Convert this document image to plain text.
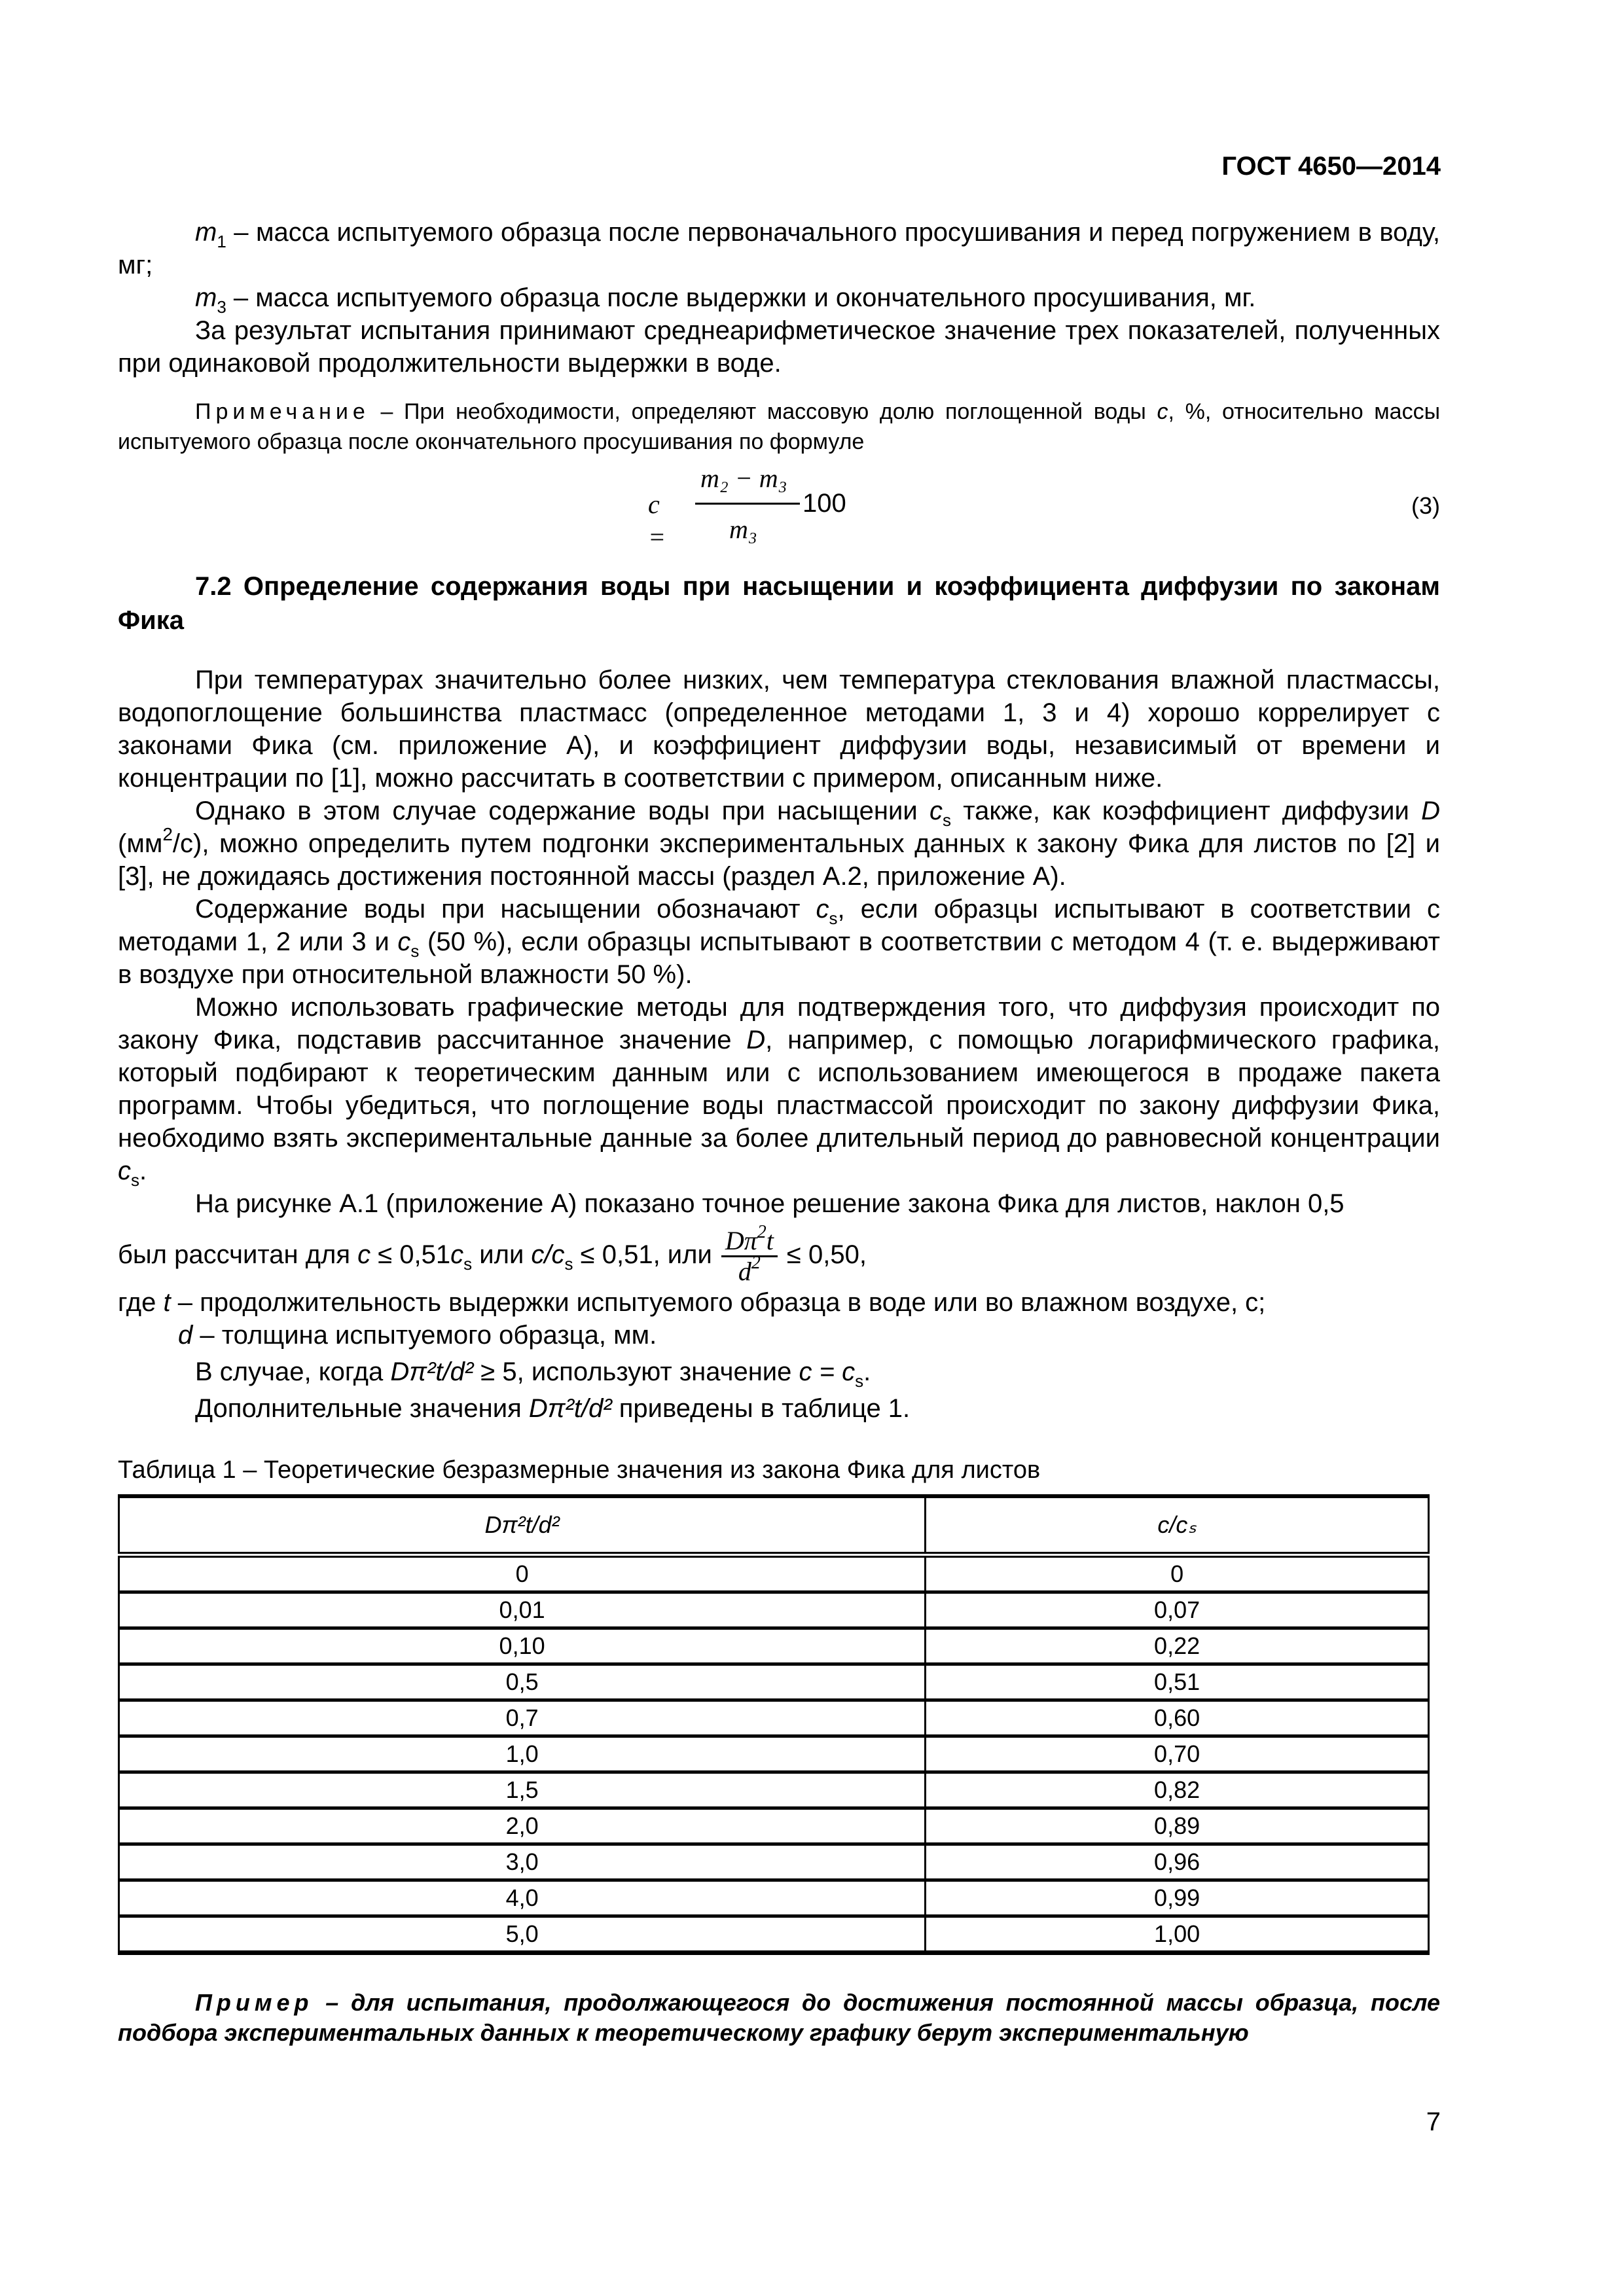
ГОСТ 4650—2014

$m_1$ – масса испытуемого образца после первоначального просушивания и перед погружением в воду, мг;

$m_3$ – масса испытуемого образца после выдержки и окончательного просушивания, мг.

За результат испытания принимают среднеарифметическое значение трех показателей, полученных при одинаковой продолжительности выдержки в воде.

Примечание – При необходимости, определяют массовую долю поглощенной воды c, %, относительно массы испытуемого образца после окончательного просушивания по формуле

c =
m₂ − m₃
m₃
100	(3)
7.2 Определение содержания воды при насыщении и коэффициента диффузии по законам Фика

При температурах значительно более низких, чем температура стеклования влажной пластмассы, водопоглощение большинства пластмасс (определенное методами 1, 3 и 4) хорошо коррелирует с законами Фика (см. приложение А), и коэффициент диффузии воды, независимый от времени и концентрации по [1], можно рассчитать в соответствии с примером, описанным ниже.

Однако в этом случае содержание воды при насыщении $c_s$ также, как коэффициент диффузии D $(мм^2/с)$, можно определить путем подгонки экспериментальных данных к закону Фика для листов по [2] и [3], не дожидаясь достижения постоянной массы (раздел А.2, приложение А).

Содержание воды при насыщении обозначают $c_s$, если образцы испытывают в соответствии с методами 1, 2 или 3 и $c_s$ (50 %), если образцы испытывают в соответствии с методом 4 (т. е. выдерживают в воздухе при относительной влажности 50 %).

Можно использовать графические методы для подтверждения того, что диффузия происходит по закону Фика, подставив рассчитанное значение D, например, с помощью логарифмического графика, который подбирают к теоретическим данным или с использованием имеющегося в продаже пакета программ. Чтобы убедиться, что поглощение воды пластмассой происходит по закону диффузии Фика, необходимо взять экспериментальные данные за более длительный период до равновесной концентрации $c_s$.

На рисунке А.1 (приложение А) показано точное решение закона Фика для листов, наклон 0,5

был рассчитан для $c \le 0,51c_s$ или $c/c_s \le 0,51$, или $\frac{D\pi^2t}{d^2} \le 0,50$,

где t – продолжительность выдержки испытуемого образца в воде или во влажном воздухе, с;

d – толщина испытуемого образца, мм.

В случае, когда Dπ²t/d² ≥ 5, используют значение $c = c_s$.

Дополнительные значения Dπ²t/d² приведены в таблице 1.

Таблица 1 – Теоретические безразмерные значения из закона Фика для листов
Dπ²t/d²	c/cₛ
0	0
0,01	0,07
0,10	0,22
0,5	0,51
0,7	0,60
1,0	0,70
1,5	0,82
2,0	0,89
3,0	0,96
4,0	0,99
5,0	1,00

Пример – для испытания, продолжающегося до достижения постоянной массы образца, после подбора экспериментальных данных к теоретическому графику берут экспериментальную

7
